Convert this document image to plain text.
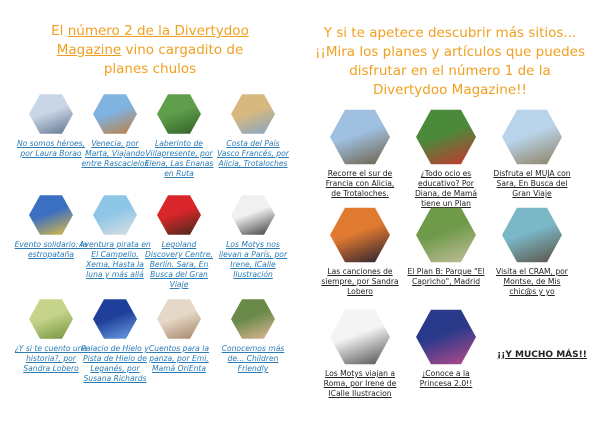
El número 2 de la Divertydoo Magazine vino cargadito de planes chulos
No somos héroes, por Laura Borao
Venecia, por Marta, Viajando entre Rascacielos
Laberinto de Villapresente, por Elena, Las Enanas en Ruta
Costa del País Vasco Francés, por Alicia, Trotaloches
Evento solidario: la estropataña
Aventura pirata en El Campello. Xema, Hasta la luna y más allá
Legoland Discovery Centre, Berlín. Sara, En Busca del Gran Viaje
Los Motys nos llevan a París, por Irene, ICalle Ilustración
¿Y si te cuento una historia?, por Sandra Lobero
Palacio de Hielo y Pista de Hielo de Leganés, por Susana Richards
Cuentos para la panza, por Emi, Mamá OriEnta
Conocemos más de... Children Friendly
Y si te apetece descubrir más sitios... ¡¡Mira los planes y artículos que puedes disfrutar en el número 1 de la Divertydoo Magazine!!
Recorre el sur de Francia con Alicia, de Trotaloches.
¿Todo ocio es educativo? Por Diana, de Mamá tiene un Plan
Disfruta el MUJA con Sara, En Busca del Gran Viaje
Las canciones de siempre, por Sandra Lobero
El Plan B: Parque "El Capricho", Madrid
Visita el CRAM, por Montse, de Mis chic@s y yo
Los Motys viajan a Roma, por Irene de ICalle Ilustracion
¡Conoce a la Princesa 2.0!!
¡¡Y MUCHO MÁS!!
